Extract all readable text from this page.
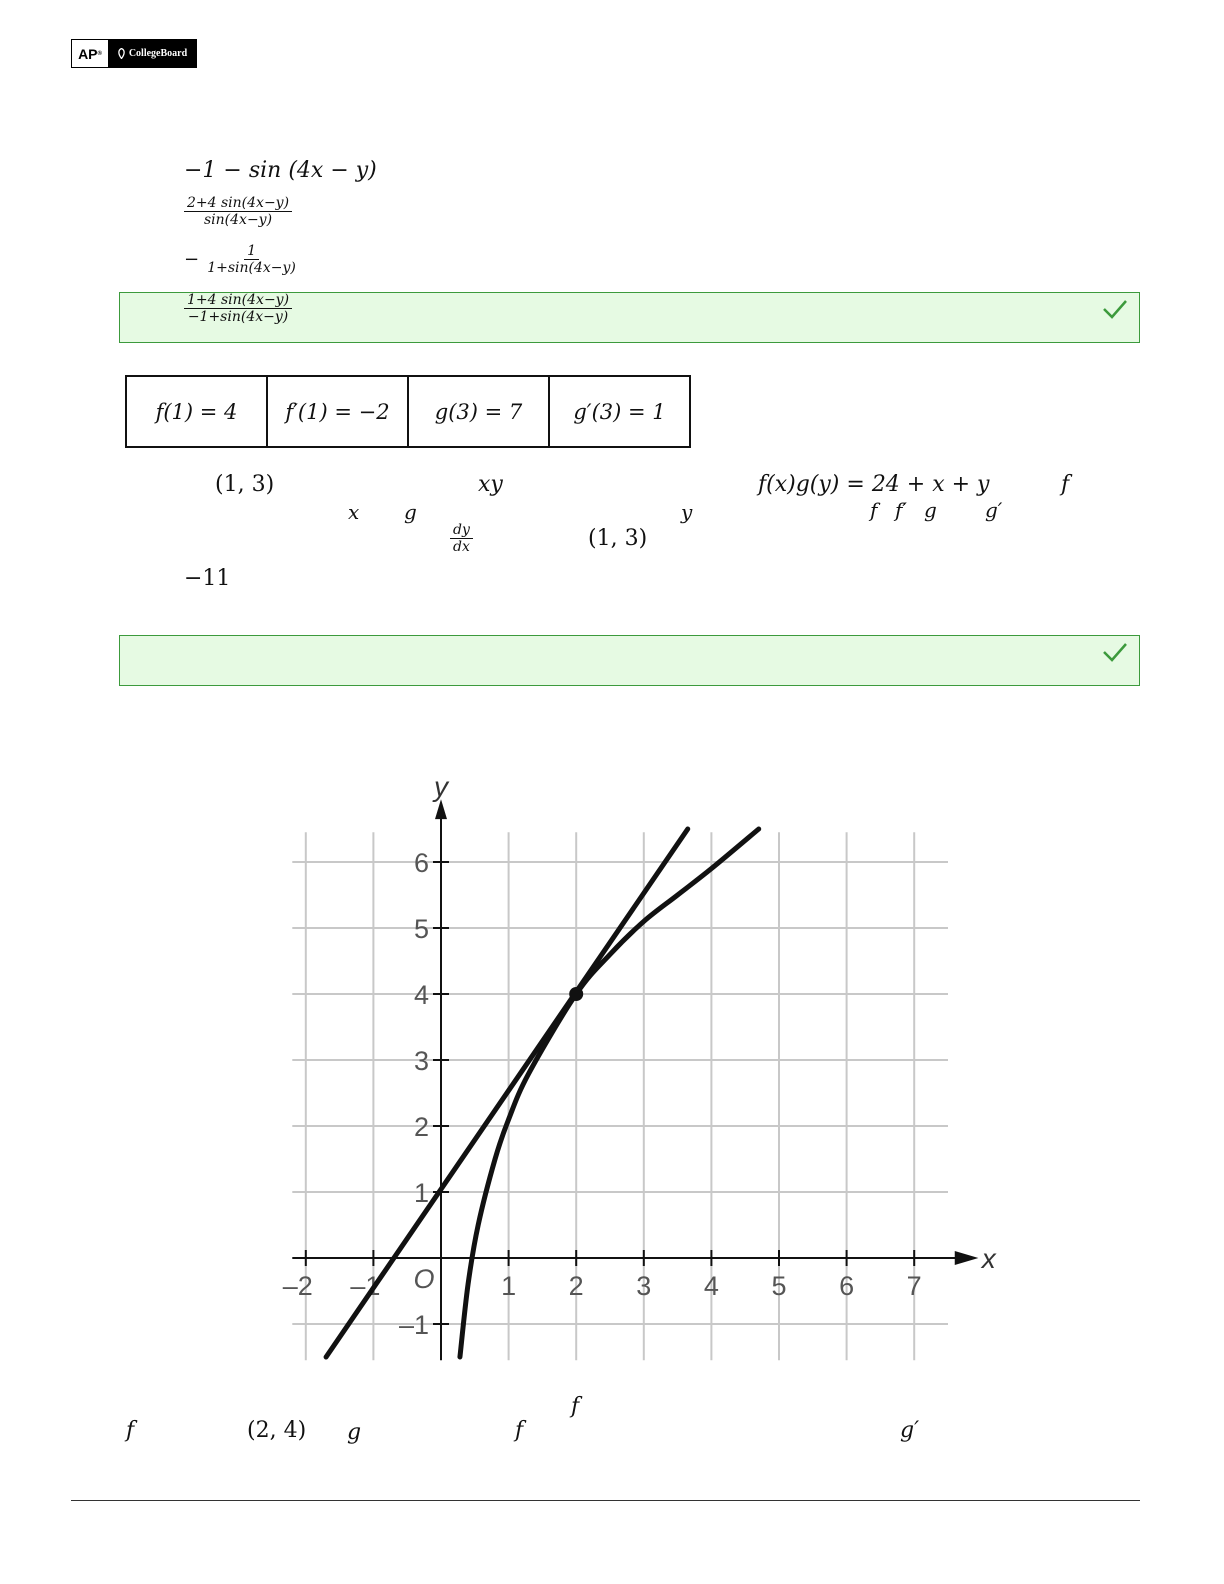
AP ®	CollegeBoard
−1 − sin (4x − y)
$\frac{2+4 \sin(4x-y)}{\sin(4x-y)}$
− $\frac{1}{1+\sin(4x-y)}$
$\frac{1+4 \sin(4x-y)}{-1+\sin(4x-y)}$
f(1) = 4	f′(1) = −2	g(3) = 7	g′(3) = 1
(1, 3)	xy	f(x)g(y) = 24 + x + y	f
x g	y	f f′ g g′
$\frac{dy}{dx}$	(1, 3)
−11
–2 –1	1 2 3 4 5 6 7
–1
1
2
3
4
5
6
O
x
y
f
f	(2, 4) g	f	g′
